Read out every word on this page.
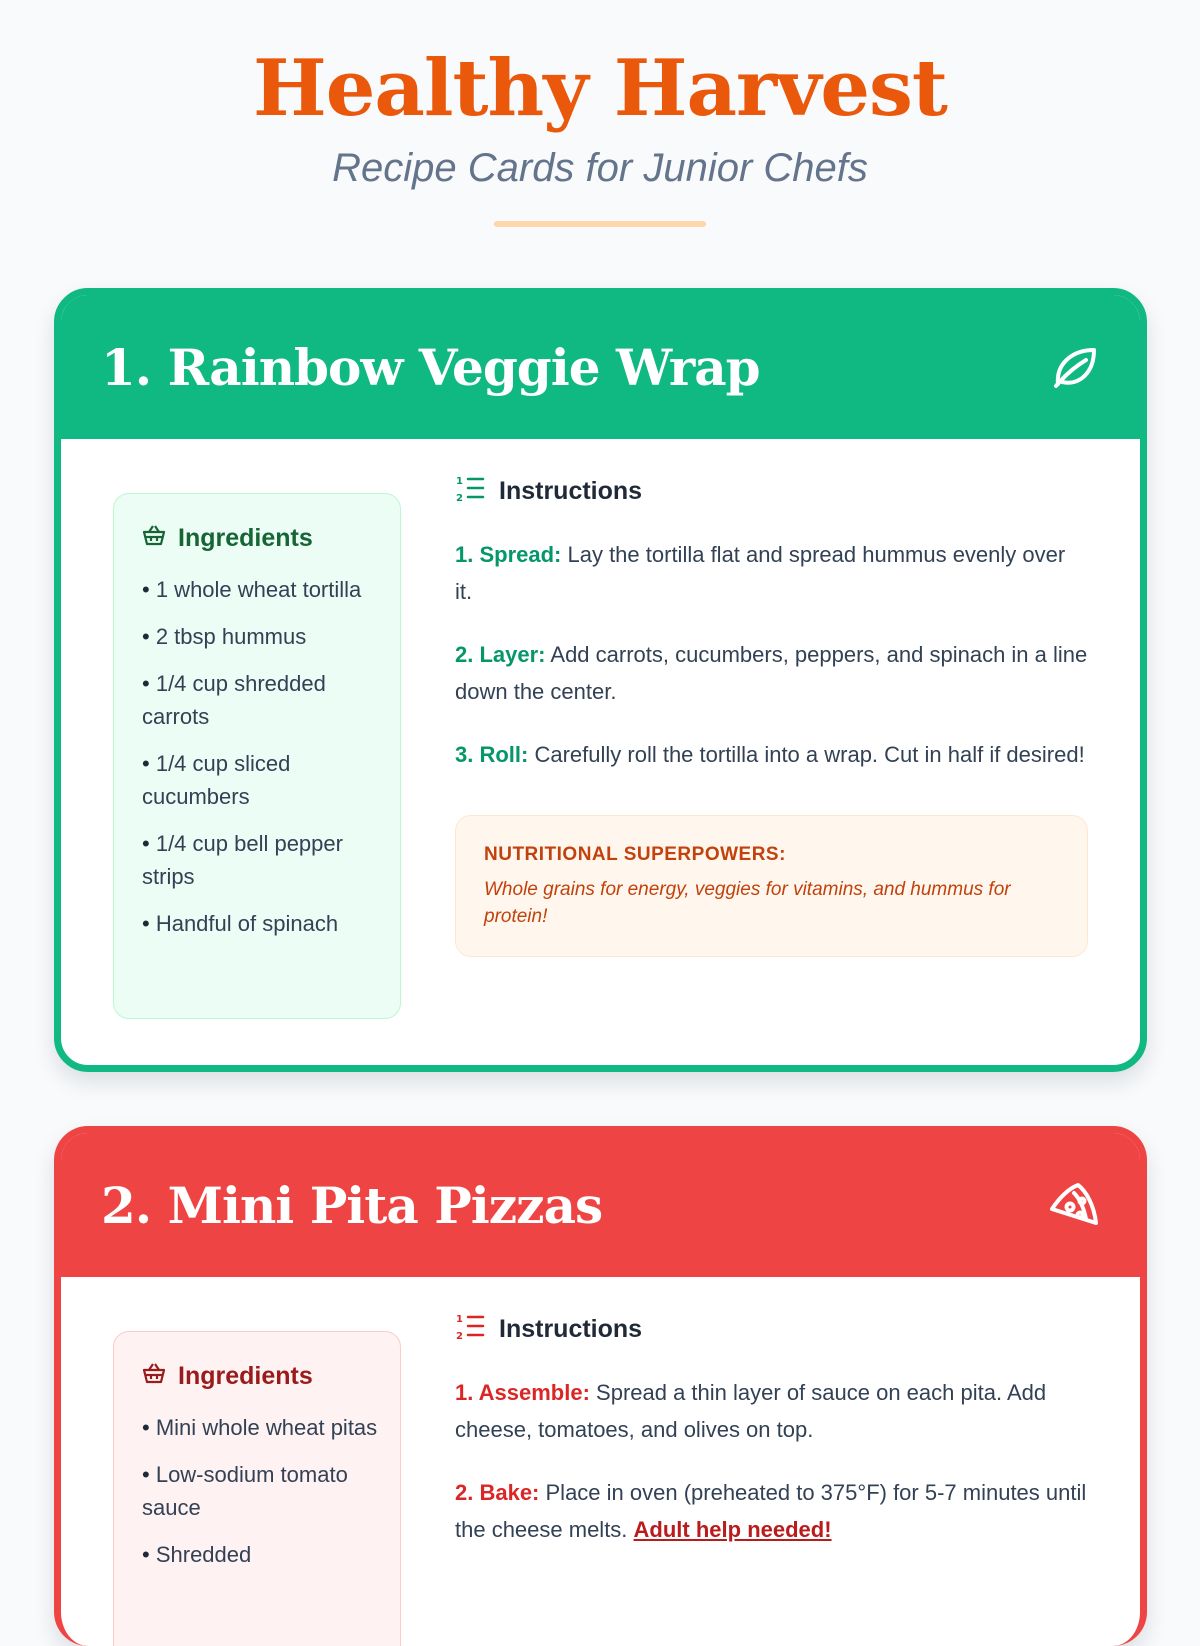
Healthy Harvest
Recipe Cards for Junior Chefs
1. Rainbow Veggie Wrap
Ingredients
• 1 whole wheat tortilla
• 2 tbsp hummus
• 1/4 cup shredded carrots
• 1/4 cup sliced cucumbers
• 1/4 cup bell pepper strips
• Handful of spinach
1
2 Instructions
1. Spread: Lay the tortilla flat and spread hummus evenly over it.
2. Layer: Add carrots, cucumbers, peppers, and spinach in a line down the center.
3. Roll: Carefully roll the tortilla into a wrap. Cut in half if desired!
NUTRITIONAL SUPERPOWERS:
Whole grains for energy, veggies for vitamins, and hummus for protein!
2. Mini Pita Pizzas
Ingredients
• Mini whole wheat pitas
• Low-sodium tomato sauce
• Shredded
1
2 Instructions
1. Assemble: Spread a thin layer of sauce on each pita. Add cheese, tomatoes, and olives on top.
2. Bake: Place in oven (preheated to 375°F) for 5-7 minutes until the cheese melts. Adult help needed!
